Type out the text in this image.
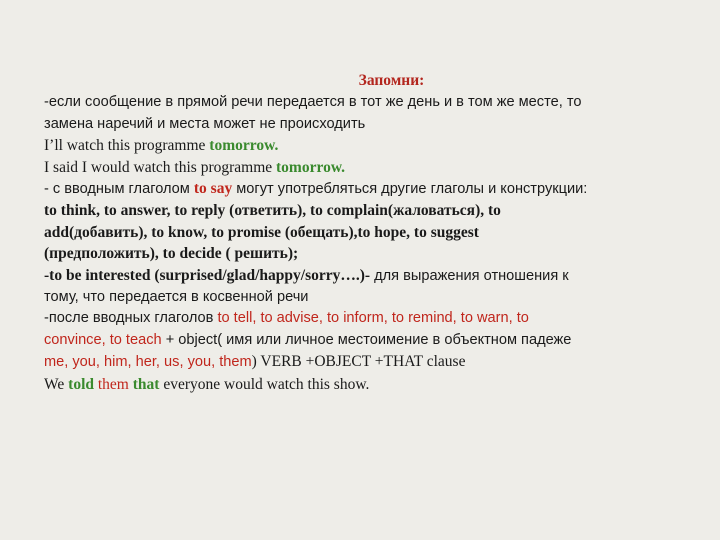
Запомни:
-если сообщение в прямой речи передается в тот же день и в том же месте, то
замена наречий и места может не происходить
I’ll watch this programme tomorrow.
I said I would watch this programme tomorrow.
- с вводным глаголом to say могут употребляться другие глаголы и конструкции:
to think, to answer, to reply (ответить), to complain(жаловаться), to
add(добавить), to know, to promise (обещать),to hope, to suggest
(предположить), to decide ( решить);
-to be interested (surprised/glad/happy/sorry….)- для выражения отношения к
тому, что передается в косвенной речи
-после вводных глаголов to tell, to advise, to inform, to remind, to warn, to
convince, to teach + object( имя или личное местоимение в объектном падеже
me, you, him, her, us, you, them) VERB +OBJECT +THAT clause
We told them that everyone would watch this show.
